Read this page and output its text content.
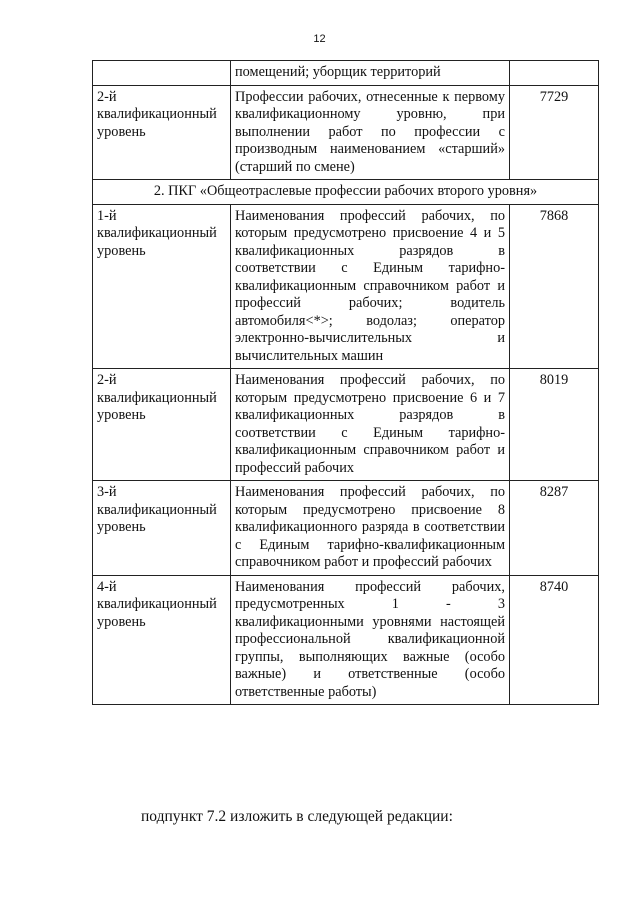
12
	помещений; уборщик территорий	
2-й квалификационный уровень	Профессии рабочих, отнесенные к первому квалификационному уровню, при выполнении работ по профессии с производным наименованием «старший» (старший по смене)	7729
2. ПКГ «Общеотраслевые профессии рабочих второго уровня»		
1-й квалификационный уровень	Наименования профессий рабочих, по которым предусмотрено присвоение 4 и 5 квалификационных разрядов в соответствии с Единым тарифно-квалификационным справочником работ и профессий рабочих; водитель автомобиля<*>; водолаз; оператор электронно-вычислительных и вычислительных машин	7868
2-й квалификационный уровень	Наименования профессий рабочих, по которым предусмотрено присвоение 6 и 7 квалификационных разрядов в соответствии с Единым тарифно-квалификационным справочником работ и профессий рабочих	8019
3-й квалификационный уровень	Наименования профессий рабочих, по которым предусмотрено присвоение 8 квалификационного разряда в соответствии с Единым тарифно-квалификационным справочником работ и профессий рабочих	8287
4-й квалификационный уровень	Наименования профессий рабочих, предусмотренных 1 - 3 квалификационными уровнями настоящей профессиональной квалификационной группы, выполняющих важные (особо важные) и ответственные (особо ответственные работы)	8740
подпункт 7.2 изложить в следующей редакции:
